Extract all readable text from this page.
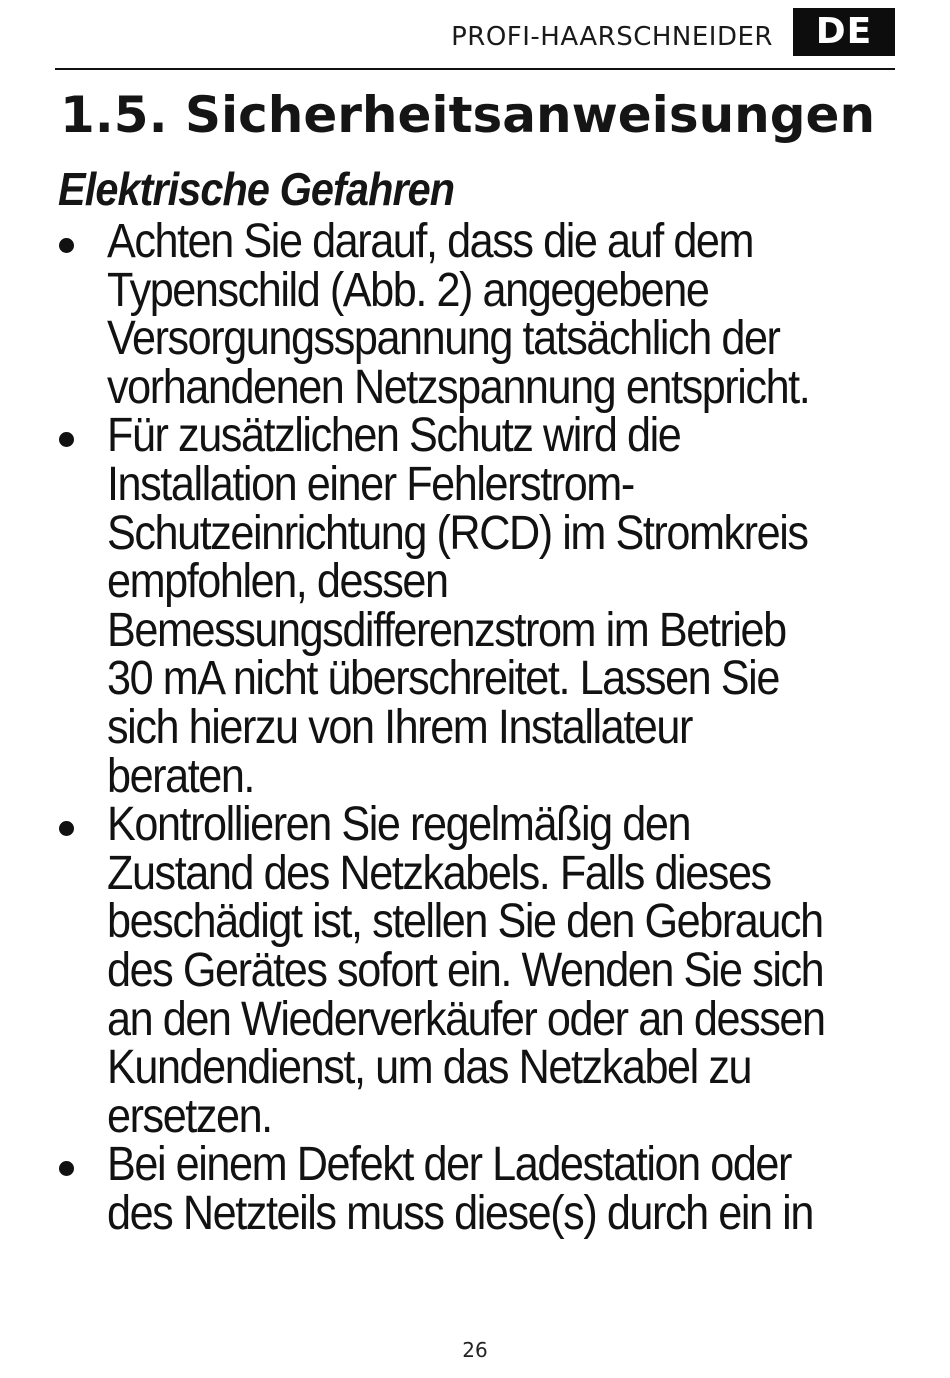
PROFI-HAARSCHNEIDER	DE
1.5. Sicherheitsanweisungen
Elektrische Gefahren
Achten Sie darauf, dass die auf dem
Typenschild (Abb. 2) angegebene
Versorgungsspannung tatsächlich der
vorhandenen Netzspannung entspricht.
Für zusätzlichen Schutz wird die
Installation einer Fehlerstrom-
Schutzeinrichtung (RCD) im Stromkreis
empfohlen, dessen
Bemessungsdifferenzstrom im Betrieb
30 mA nicht überschreitet. Lassen Sie
sich hierzu von Ihrem Installateur
beraten.
Kontrollieren Sie regelmäßig den
Zustand des Netzkabels. Falls dieses
beschädigt ist, stellen Sie den Gebrauch
des Gerätes sofort ein. Wenden Sie sich
an den Wiederverkäufer oder an dessen
Kundendienst, um das Netzkabel zu
ersetzen.
Bei einem Defekt der Ladestation oder
des Netzteils muss diese(s) durch ein in
26
